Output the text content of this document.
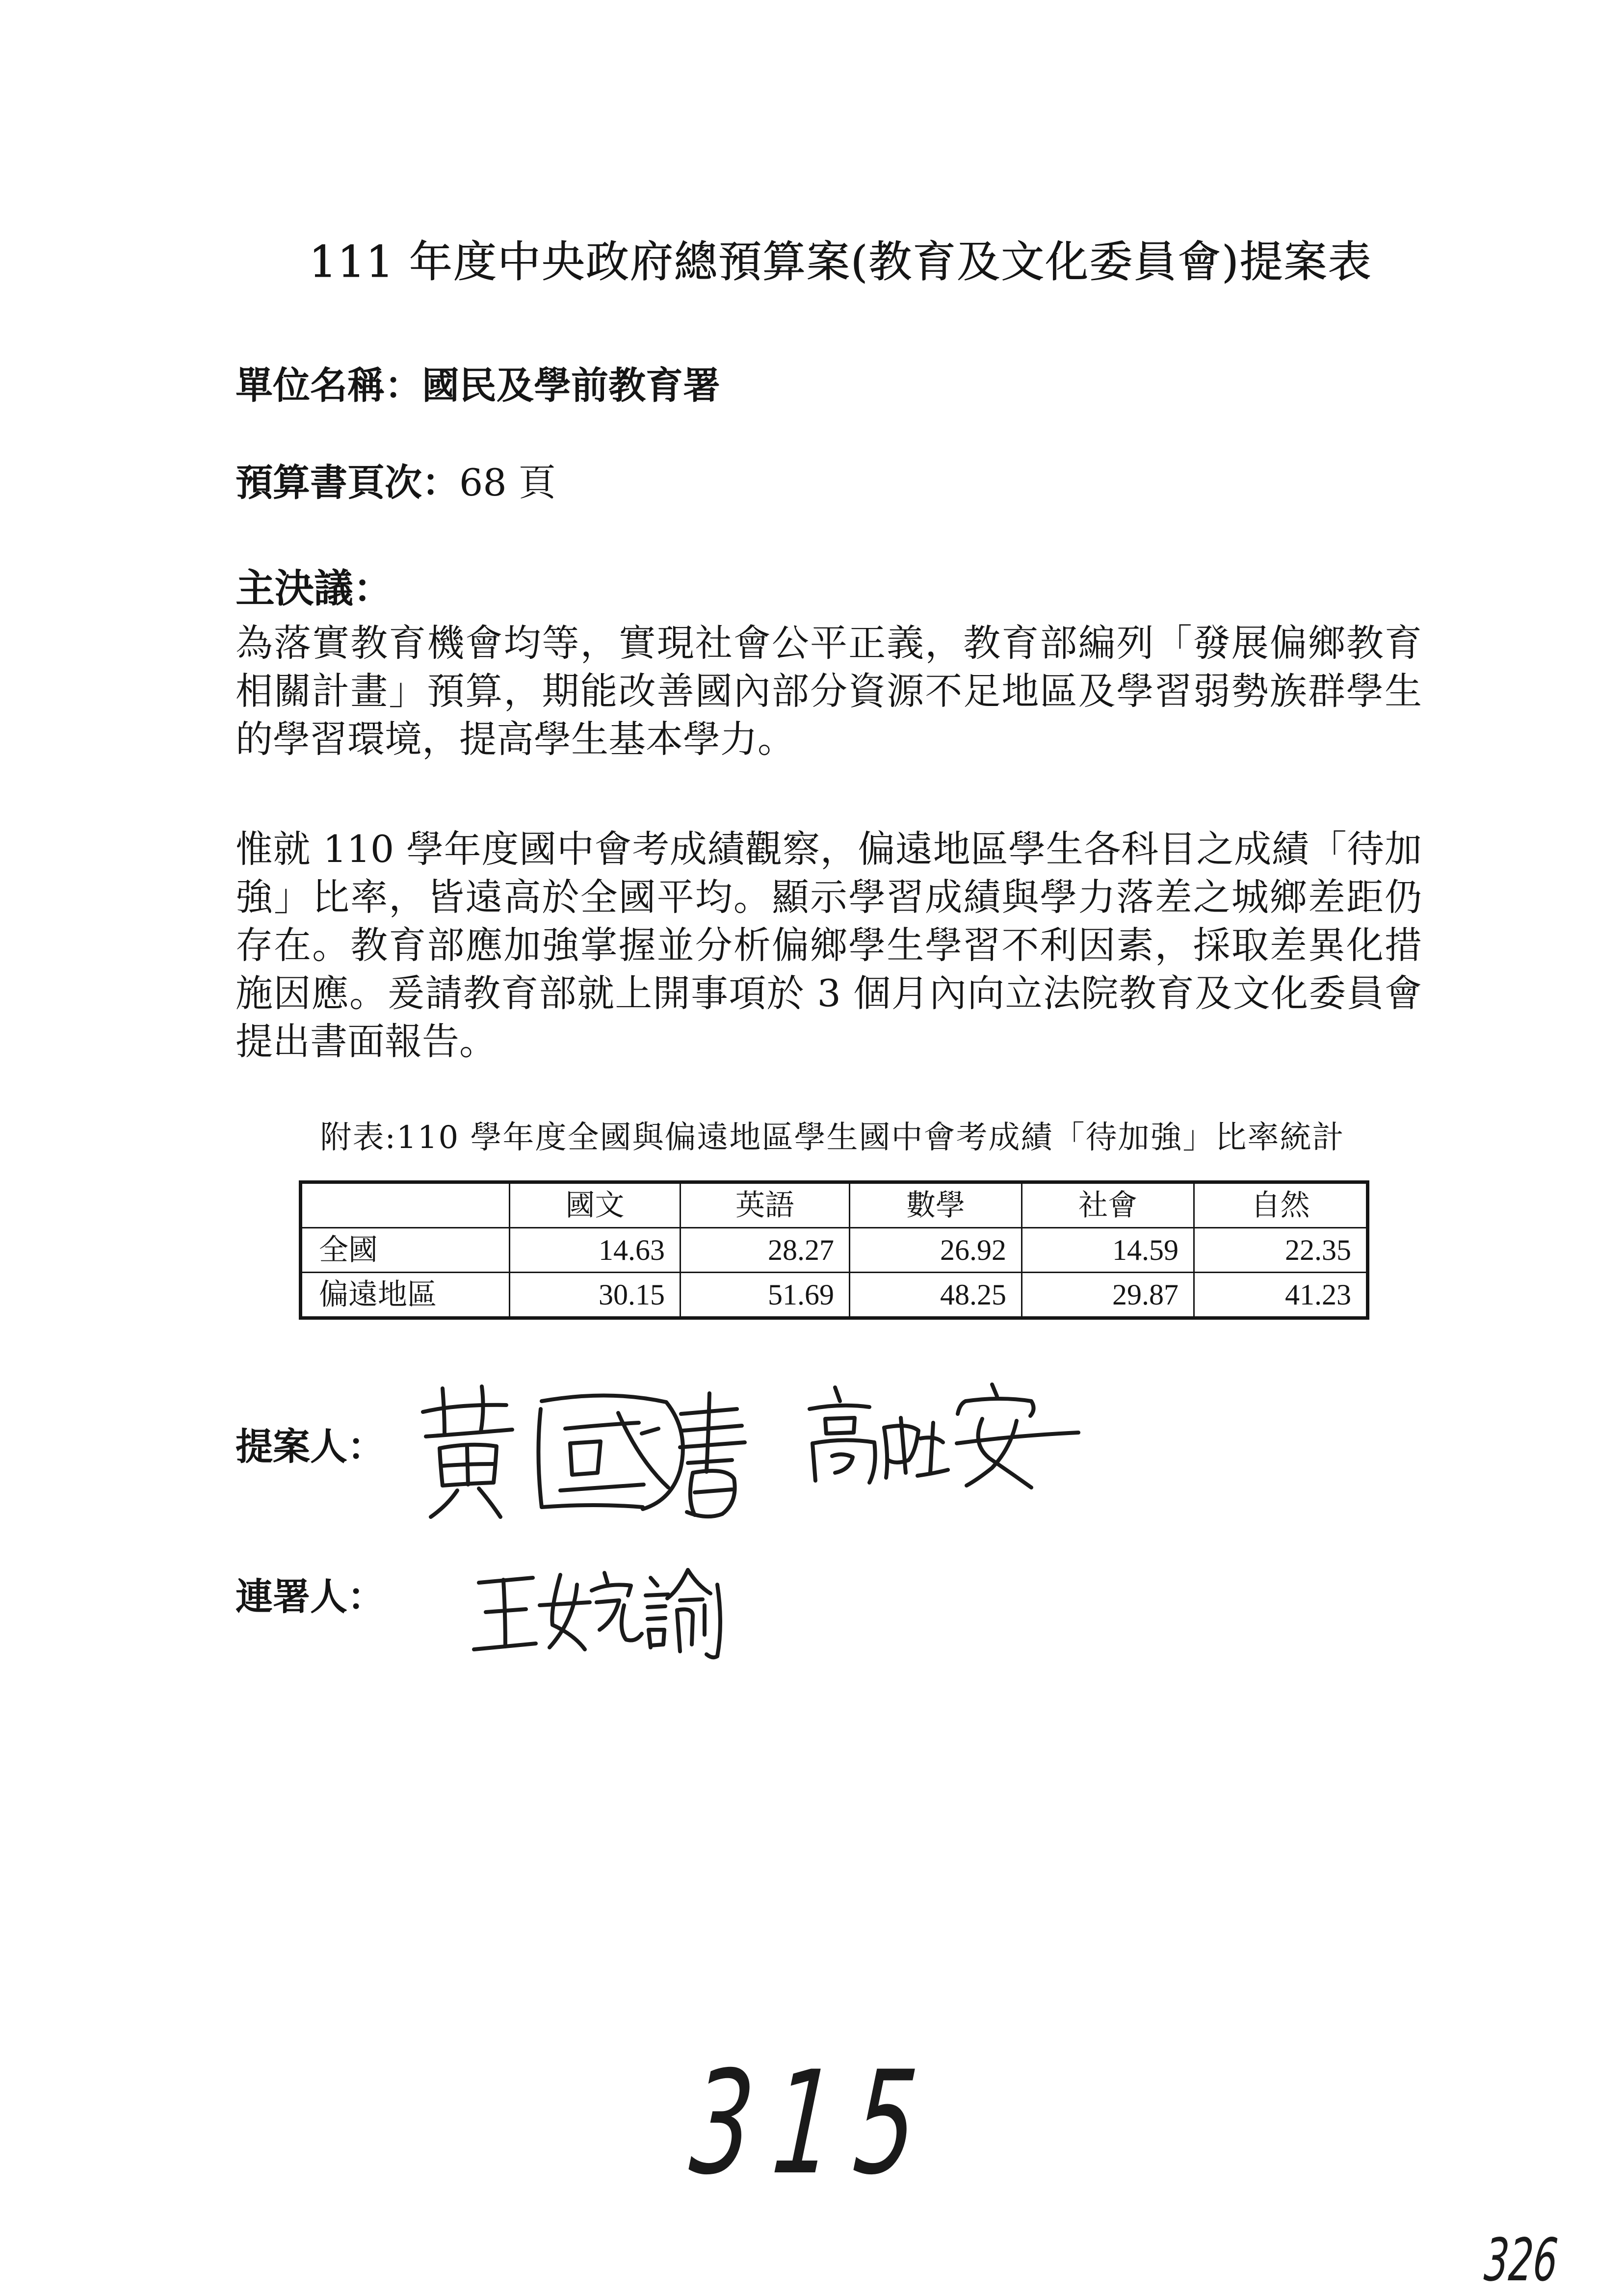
111 年度中央政府總預算案(教育及文化委員會)提案表
單位名稱：國民及學前教育署
預算書頁次：68 頁
主決議：
為落實教育機會均等，實現社會公平正義，教育部編列「發展偏鄉教育
相關計畫」預算，期能改善國內部分資源不足地區及學習弱勢族群學生
的學習環境，提高學生基本學力。
惟就 110 學年度國中會考成績觀察，偏遠地區學生各科目之成績「待加
強」比率，皆遠高於全國平均。顯示學習成績與學力落差之城鄉差距仍
存在。教育部應加強掌握並分析偏鄉學生學習不利因素，採取差異化措
施因應。爰請教育部就上開事項於 3 個月內向立法院教育及文化委員會
提出書面報告。
附表:110 學年度全國與偏遠地區學生國中會考成績「待加強」比率統計
	國文	英語	數學	社會	自然
全國	14.63	28.27	26.92	14.59	22.35
偏遠地區	30.15	51.69	48.25	29.87	41.23
提案人：
連署人：
315
326
